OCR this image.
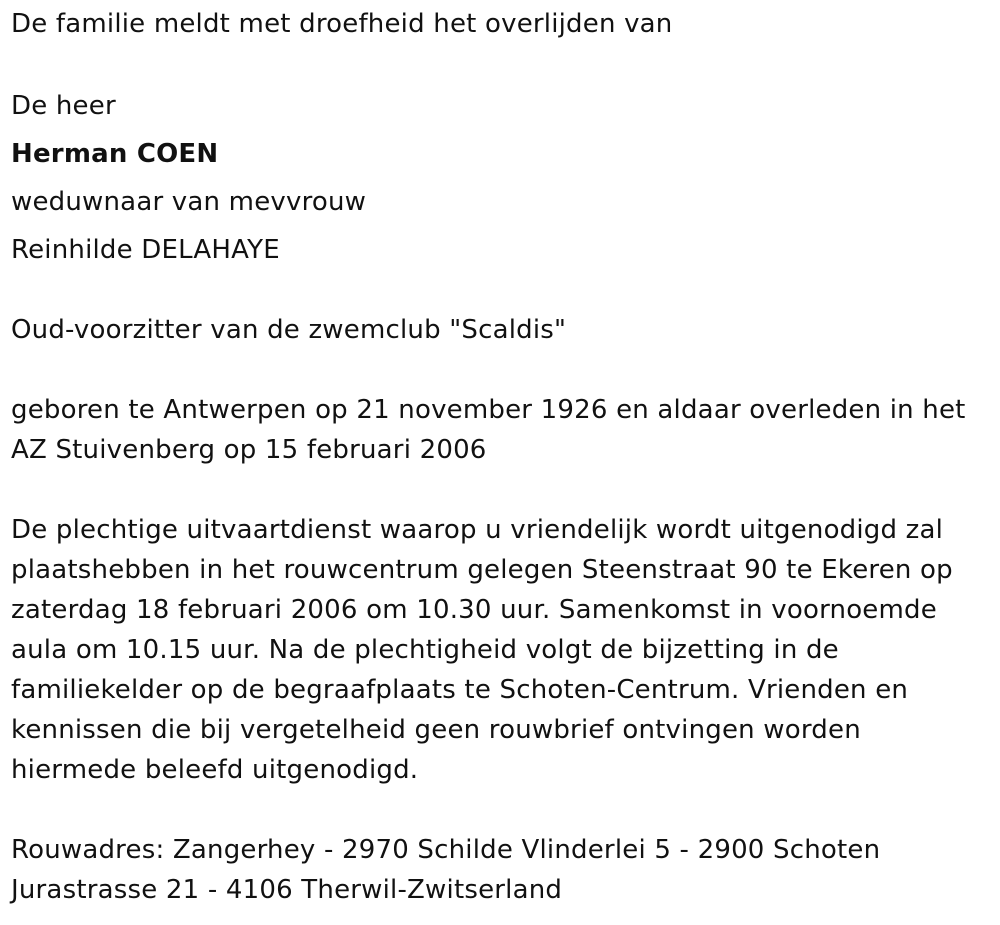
De familie meldt met droefheid het overlijden van
De heer
Herman COEN
weduwnaar van mevvrouw
Reinhilde DELAHAYE
Oud-voorzitter van de zwemclub "Scaldis"
geboren te Antwerpen op 21 november 1926 en aldaar overleden in het
AZ Stuivenberg op 15 februari 2006
De plechtige uitvaartdienst waarop u vriendelijk wordt uitgenodigd zal
plaatshebben in het rouwcentrum gelegen Steenstraat 90 te Ekeren op
zaterdag 18 februari 2006 om 10.30 uur. Samenkomst in voornoemde
aula om 10.15 uur. Na de plechtigheid volgt de bijzetting in de
familiekelder op de begraafplaats te Schoten-Centrum. Vrienden en
kennissen die bij vergetelheid geen rouwbrief ontvingen worden
hiermede beleefd uitgenodigd.
Rouwadres: Zangerhey - 2970 Schilde Vlinderlei 5 - 2900 Schoten
Jurastrasse 21 - 4106 Therwil-Zwitserland
